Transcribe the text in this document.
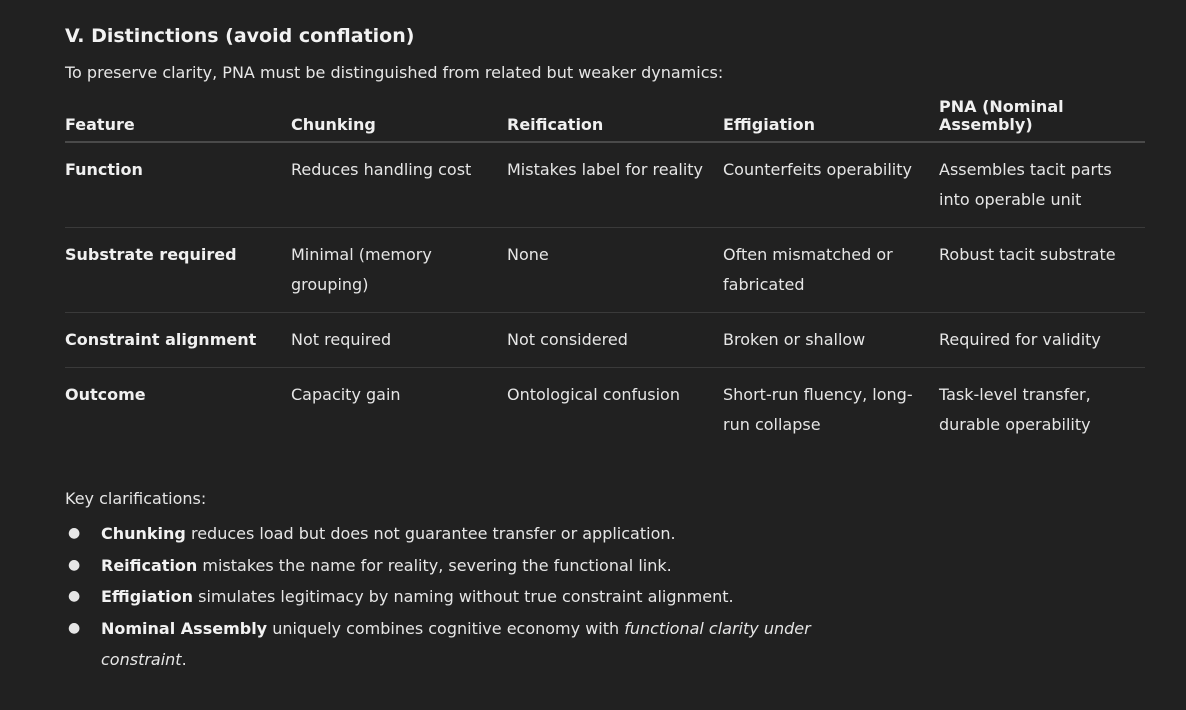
V. Distinctions (avoid conflation)

To preserve clarity, PNA must be distinguished from related but weaker dynamics:

Feature	Chunking	Reification	Effigiation	PNA (Nominal Assembly)
Function	Reduces handling cost	Mistakes label for reality	Counterfeits operability	Assembles tacit parts into operable unit
Substrate required	Minimal (memory grouping)	None	Often mismatched or fabricated	Robust tacit substrate
Constraint alignment	Not required	Not considered	Broken or shallow	Required for validity
Outcome	Capacity gain	Ontological confusion	Short-run fluency, long-run collapse	Task-level transfer, durable operability
Key clarifications:
● Chunking reduces load but does not guarantee transfer or application.
● Reification mistakes the name for reality, severing the functional link.
● Effigiation simulates legitimacy by naming without true constraint alignment.
● Nominal Assembly uniquely combines cognitive economy with functional clarity under constraint.
